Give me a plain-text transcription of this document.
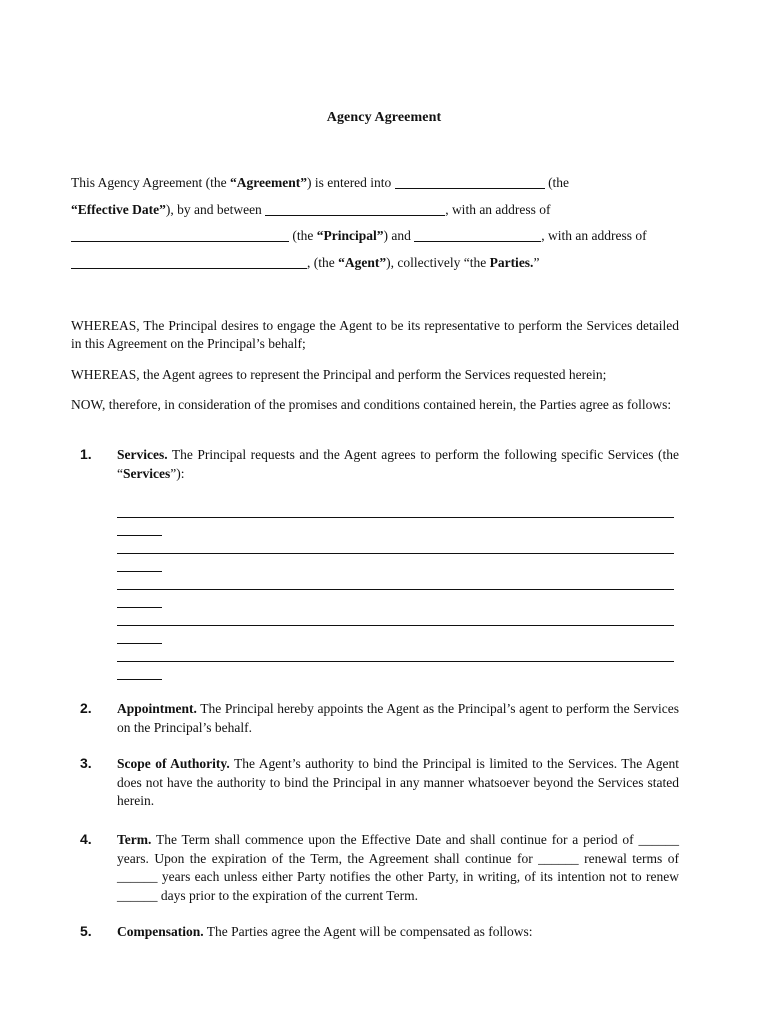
Agency Agreement
This Agency Agreement (the “Agreement”) is entered into	(the
“Effective Date”), by and between	, with an address of
(the “Principal”) and	, with an address of
, (the “Agent”), collectively “the Parties.”
WHEREAS, The Principal desires to engage the Agent to be its representative to perform the Services detailed in this Agreement on the Principal’s behalf;
WHEREAS, the Agent agrees to represent the Principal and perform the Services requested herein;
NOW, therefore, in consideration of the promises and conditions contained herein, the Parties agree as follows:
1. Services. The Principal requests and the Agent agrees to perform the following specific Services (the “Services”):
2. Appointment. The Principal hereby appoints the Agent as the Principal’s agent to perform the Services on the Principal’s behalf.
3. Scope of Authority. The Agent’s authority to bind the Principal is limited to the Services. The Agent does not have the authority to bind the Principal in any manner whatsoever beyond the Services stated herein.
4. Term. The Term shall commence upon the Effective Date and shall continue for a period of ______ years. Upon the expiration of the Term, the Agreement shall continue for ______ renewal terms of ______ years each unless either Party notifies the other Party, in writing, of its intention not to renew ______ days prior to the expiration of the current Term.
5. Compensation. The Parties agree the Agent will be compensated as follows:
